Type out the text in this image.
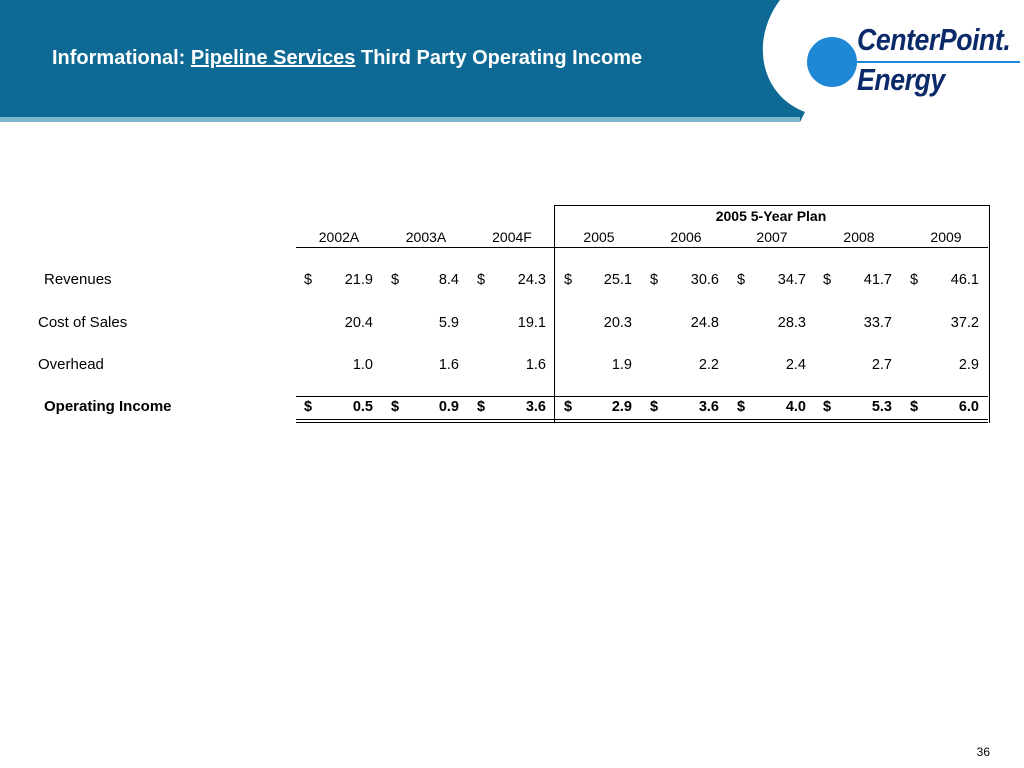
Informational: Pipeline Services Third Party Operating Income
CenterPoint.
Energy
2005 5-Year Plan
2002A	2003A	2004F	2005	2006	2007	2008	2009
Revenues	$	21.9 $	8.4 $	24.3 $	25.1 $	30.6 $	34.7 $	41.7 $	46.1
Cost of Sales	20.4	5.9	19.1	20.3	24.8	28.3	33.7	37.2
Overhead	1.0	1.6	1.6	1.9	2.2	2.4	2.7	2.9
Operating Income	$	0.5 $	0.9 $	3.6 $	2.9 $	3.6 $	4.0 $	5.3 $	6.0
36
